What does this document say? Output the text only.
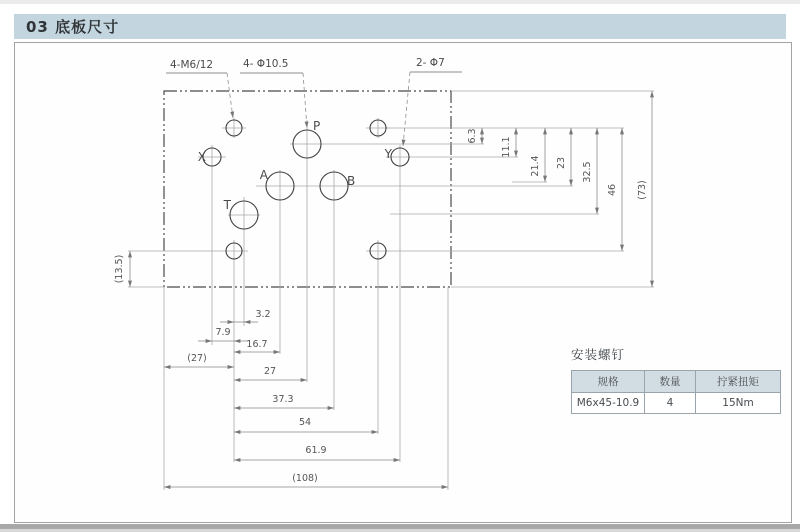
03 底板尺寸
X
P
A	B
T
Y
4-M6/12	4- Φ10.5	2- Φ7
6.3
11.1
21.4 23 32.5
46 (73)
(13.5)
3.2
7.9
16.7
(27)
27
37.3
54
61.9
(108)
安装螺钉
规格	数量	拧紧扭矩
M6x45-10.9	4	15Nm
